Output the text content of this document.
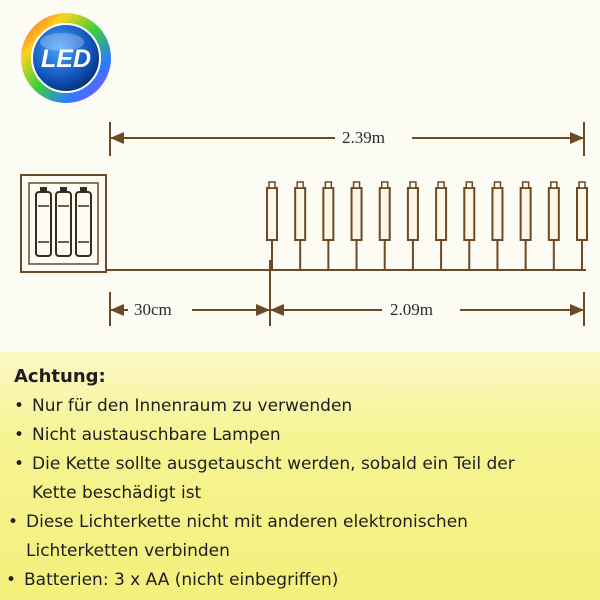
LED
2.39m
30cm	2.09m
Achtung:
• Nur für den Innenraum zu verwenden
• Nicht austauschbare Lampen
• Die Kette sollte ausgetauscht werden, sobald ein Teil der
Kette beschädigt ist
• Diese Lichterkette nicht mit anderen elektronischen
Lichterketten verbinden
• Batterien: 3 x AA (nicht einbegriffen)
